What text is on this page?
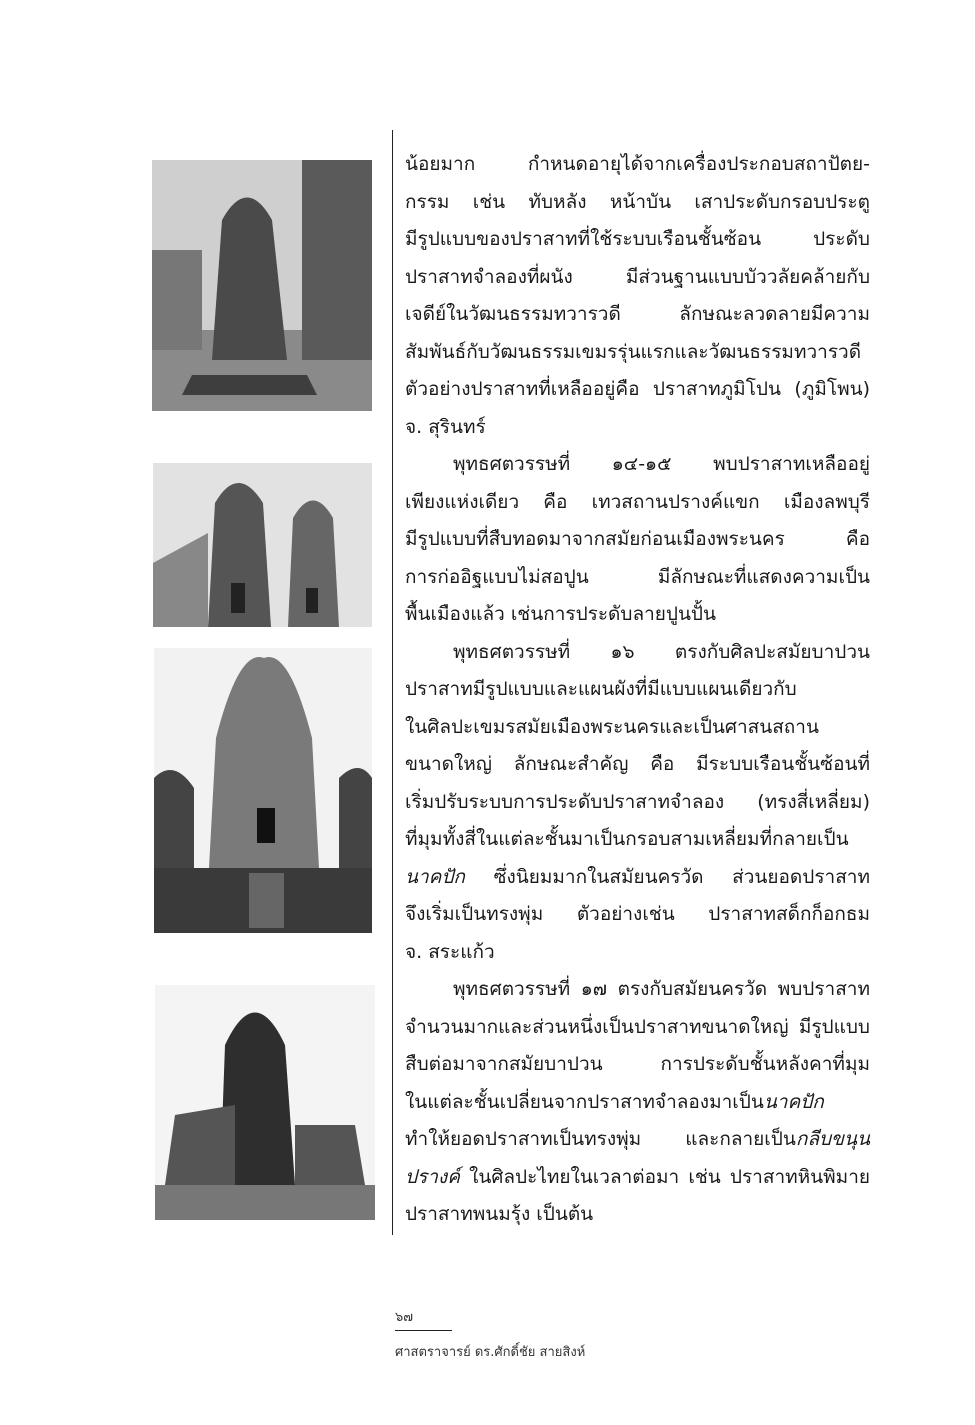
น้อยมาก กำหนดอายุได้จากเครื่องประกอบสถาปัตย-
กรรม เช่น ทับหลัง หน้าบัน เสาประดับกรอบประตู
มีรูปแบบของปราสาทที่ใช้ระบบเรือนชั้นซ้อน ประดับ
ปราสาทจำลองที่ผนัง มีส่วนฐานแบบบัววลัยคล้ายกับ
เจดีย์ในวัฒนธรรมทวารวดี ลักษณะลวดลายมีความ
สัมพันธ์กับวัฒนธรรมเขมรรุ่นแรกและวัฒนธรรมทวารวดี
ตัวอย่างปราสาทที่เหลืออยู่คือ ปราสาทภูมิโปน (ภูมิโพน)
จ. สุรินทร์
พุทธศตวรรษที่ ๑๔-๑๕ พบปราสาทเหลืออยู่
เพียงแห่งเดียว คือ เทวสถานปรางค์แขก เมืองลพบุรี
มีรูปแบบที่สืบทอดมาจากสมัยก่อนเมืองพระนคร คือ
การก่ออิฐแบบไม่สอปูน มีลักษณะที่แสดงความเป็น
พื้นเมืองแล้ว เช่นการประดับลายปูนปั้น
พุทธศตวรรษที่ ๑๖ ตรงกับศิลปะสมัยบาปวน
ปราสาทมีรูปแบบและแผนผังที่มีแบบแผนเดียวกับ
ในศิลปะเขมรสมัยเมืองพระนครและเป็นศาสนสถาน
ขนาดใหญ่ ลักษณะสำคัญ คือ มีระบบเรือนชั้นซ้อนที่
เริ่มปรับระบบการประดับปราสาทจำลอง (ทรงสี่เหลี่ยม)
ที่มุมทั้งสี่ในแต่ละชั้นมาเป็นกรอบสามเหลี่ยมที่กลายเป็น
นาคปัก ซึ่งนิยมมากในสมัยนครวัด ส่วนยอดปราสาท
จึงเริ่มเป็นทรงพุ่ม ตัวอย่างเช่น ปราสาทสด็กก็อกธม
จ. สระแก้ว
พุทธศตวรรษที่ ๑๗ ตรงกับสมัยนครวัด พบปราสาท
จำนวนมากและส่วนหนึ่งเป็นปราสาทขนาดใหญ่ มีรูปแบบ
สืบต่อมาจากสมัยบาปวน การประดับชั้นหลังคาที่มุม
ในแต่ละชั้นเปลี่ยนจากปราสาทจำลองมาเป็นนาคปัก
ทำให้ยอดปราสาทเป็นทรงพุ่ม และกลายเป็นกลีบขนุน
ปรางค์ ในศิลปะไทยในเวลาต่อมา เช่น ปราสาทหินพิมาย
ปราสาทพนมรุ้ง เป็นต้น
๖๗
ศาสตราจารย์ ดร.ศักดิ์ชัย สายสิงห์
